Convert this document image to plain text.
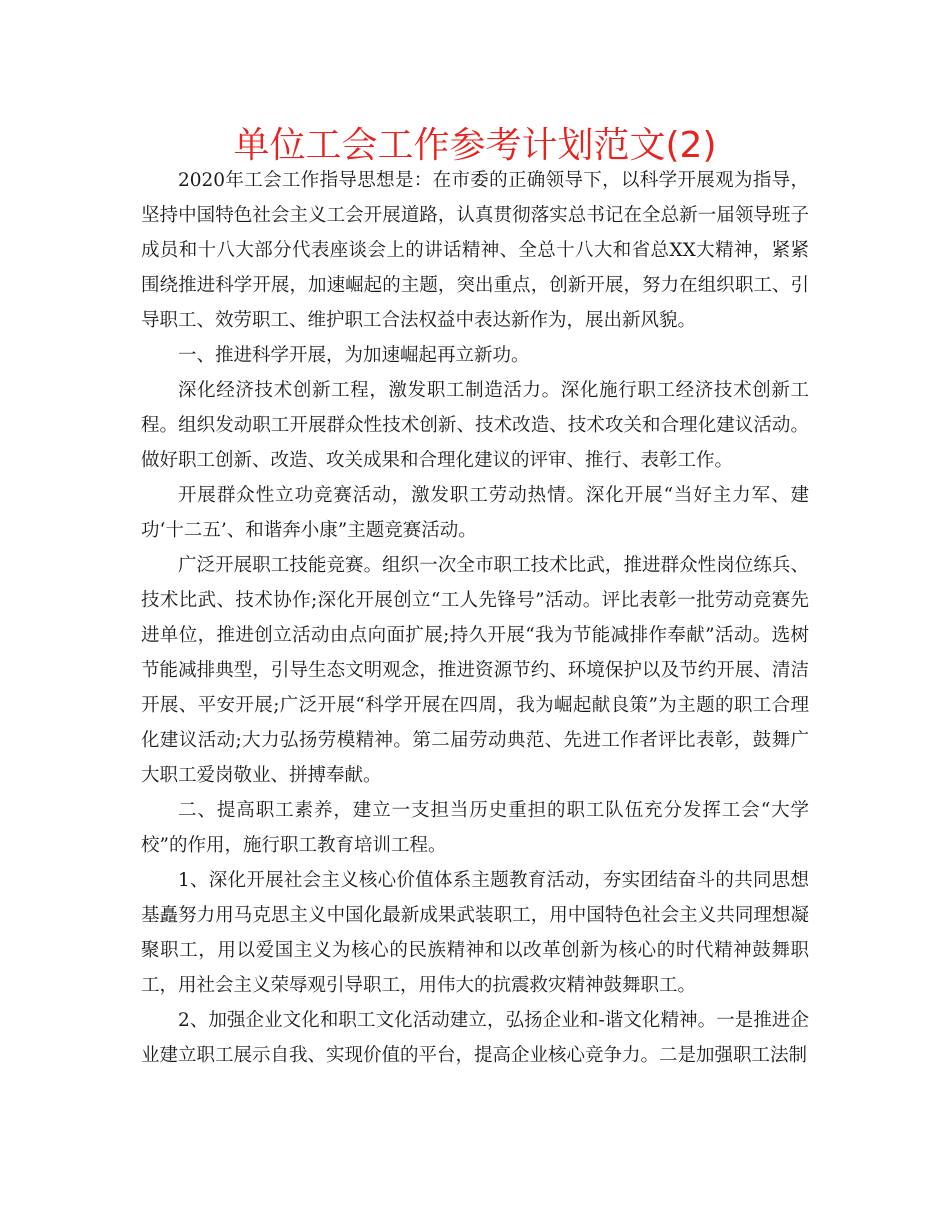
单位工会工作参考计划范文(2)

2020年工会工作指导思想是：在市委的正确领导下，以科学开展观为指导，坚持中国特色社会主义工会开展道路，认真贯彻落实总书记在全总新一届领导班子成员和十八大部分代表座谈会上的讲话精神、全总十八大和省总XX大精神，紧紧围绕推进科学开展，加速崛起的主题，突出重点，创新开展，努力在组织职工、引导职工、效劳职工、维护职工合法权益中表达新作为，展出新风貌。

一、推进科学开展，为加速崛起再立新功。

深化经济技术创新工程，激发职工制造活力。深化施行职工经济技术创新工程。组织发动职工开展群众性技术创新、技术改造、技术攻关和合理化建议活动。做好职工创新、改造、攻关成果和合理化建议的评审、推行、表彰工作。

开展群众性立功竞赛活动，激发职工劳动热情。深化开展“当好主力军、建功‘十二五’、和谐奔小康”主题竞赛活动。

广泛开展职工技能竞赛。组织一次全市职工技术比武，推进群众性岗位练兵、技术比武、技术协作;深化开展创立“工人先锋号”活动。评比表彰一批劳动竞赛先进单位，推进创立活动由点向面扩展;持久开展“我为节能减排作奉献”活动。选树节能减排典型，引导生态文明观念，推进资源节约、环境保护以及节约开展、清洁开展、平安开展;广泛开展“科学开展在四周，我为崛起献良策”为主题的职工合理化建议活动;大力弘扬劳模精神。第二届劳动典范、先进工作者评比表彰，鼓舞广大职工爱岗敬业、拼搏奉献。

二、提高职工素养，建立一支担当历史重担的职工队伍充分发挥工会“大学校”的作用，施行职工教育培训工程。

1、深化开展社会主义核心价值体系主题教育活动，夯实团结奋斗的共同思想基矗努力用马克思主义中国化最新成果武装职工，用中国特色社会主义共同理想凝聚职工，用以爱国主义为核心的民族精神和以改革创新为核心的时代精神鼓舞职工，用社会主义荣辱观引导职工，用伟大的抗震救灾精神鼓舞职工。

2、加强企业文化和职工文化活动建立，弘扬企业和-谐文化精神。一是推进企业建立职工展示自我、实现价值的平台，提高企业核心竞争力。二是加强职工法制
